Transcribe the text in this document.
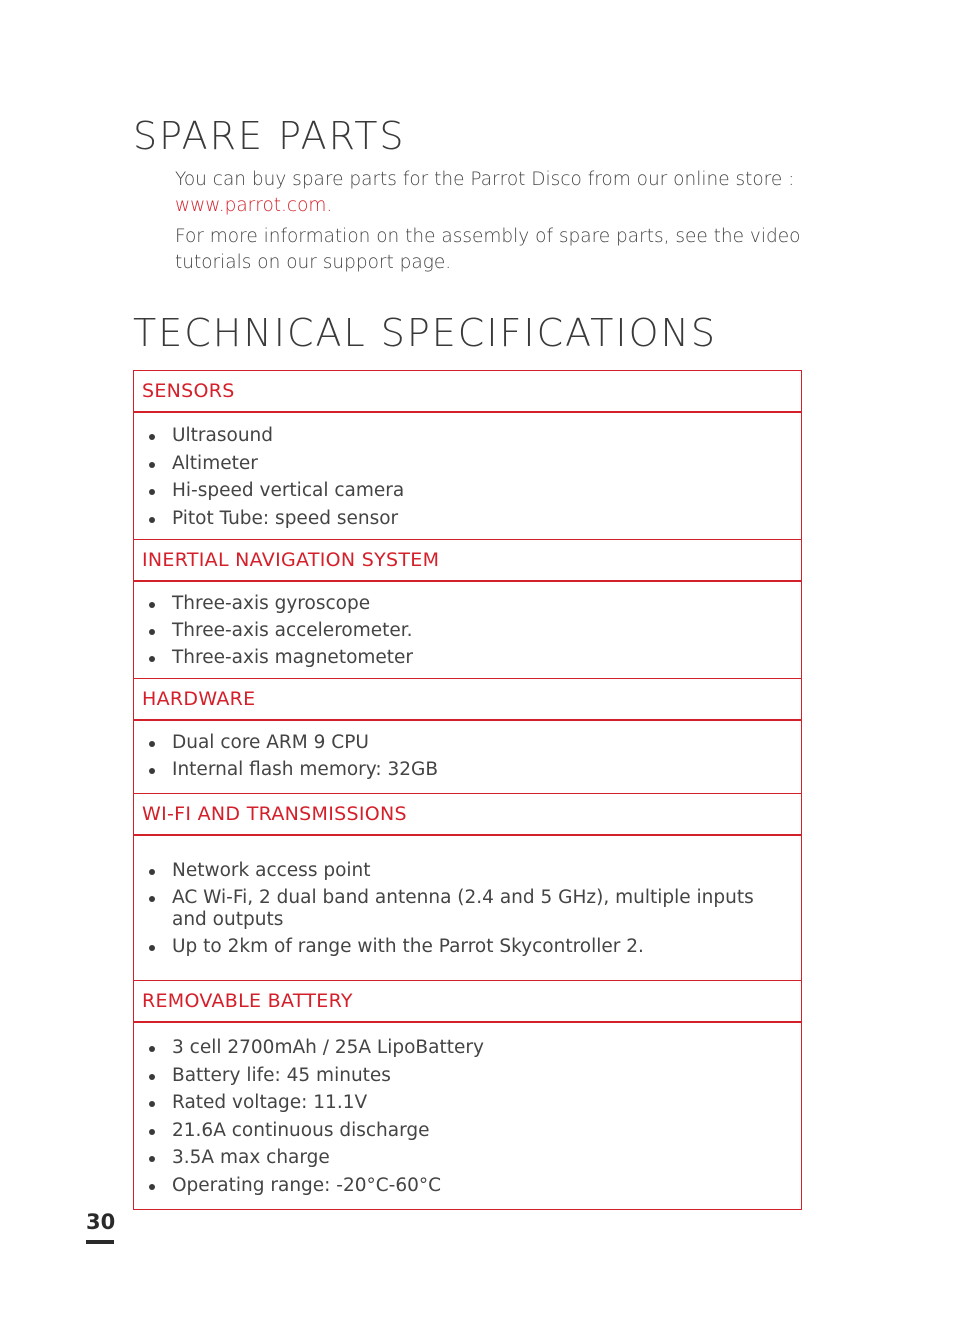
SPARE PARTS

You can buy spare parts for the Parrot Disco from our online store :
www.parrot.com.

For more information on the assembly of spare parts, see the video tutorials on our support page.

TECHNICAL SPECIFICATIONS
SENSORS
Ultrasound
Altimeter
Hi-speed vertical camera
Pitot Tube: speed sensor
INERTIAL NAVIGATION SYSTEM
Three-axis gyroscope
Three-axis accelerometer.
Three-axis magnetometer
HARDWARE
Dual core ARM 9 CPU
Internal flash memory: 32GB
WI-FI AND TRANSMISSIONS
Network access point
AC Wi-Fi, 2 dual band antenna (2.4 and 5 GHz), multiple inputs and outputs
Up to 2km of range with the Parrot Skycontroller 2.
REMOVABLE BATTERY
3 cell 2700mAh / 25A LipoBattery
Battery life: 45 minutes
Rated voltage: 11.1V
21.6A continuous discharge
3.5A max charge
Operating range: -20°C-60°C
30
